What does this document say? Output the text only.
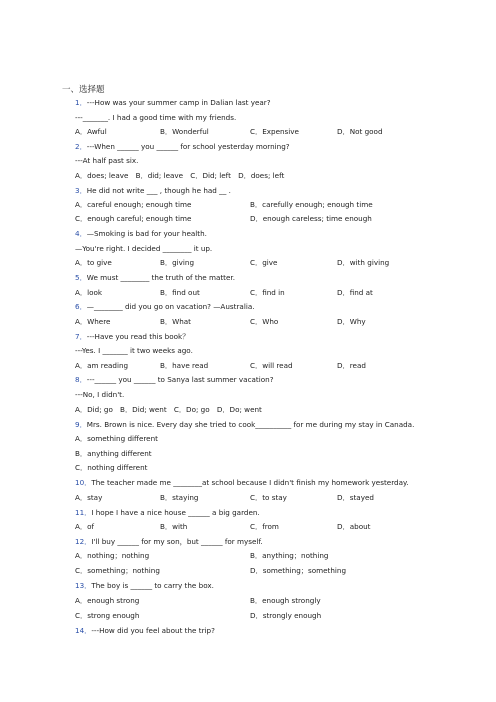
一、选择题
1．---How was your summer camp in Dalian last year?
---_______. I had a good time with my friends.
A．Awful	B．Wonderful	C．Expensive	D．Not good
2．---When ______ you ______ for school yesterday morning?
---At half past six.
A．does; leave　B．did; leave　C．Did; left　D．does; left
3．He did not write ___ , though he had __ .
A．careful enough; enough time	B．carefully enough; enough time
C．enough careful; enough time	D．enough careless; time enough
4．—Smoking is bad for your health.
—You're right. I decided ________ it up.
A．to give	B．giving	C．give	D．with giving
5．We must ________ the truth of the matter.
A．look	B．find out	C．find in	D．find at
6．—________ did you go on vacation? —Australia.
A．Where	B．What	C．Who	D．Why
7．---Have you read this book？
---Yes. I _______ it two weeks ago.
A．am reading	B．have read	C．will read	D．read
8．---______ you ______ to Sanya last summer vacation?
---No, I didn't.
A．Did; go　B．Did; went　C．Do; go　D．Do; went
9．Mrs. Brown is nice. Every day she tried to cook__________ for me during my stay in Canada.
A．something different
B．anything different
C．nothing different
10．The teacher made me ________at school because I didn't finish my homework yesterday.
A．stay	B．staying	C．to stay	D．stayed
11．I hope I have a nice house ______ a big garden.
A．of	B．with	C．from	D．about
12．I'll buy ______ for my son，but ______ for myself.
A．nothing；nothing	B．anything；nothing
C．something；nothing	D．something；something
13．The boy is ______ to carry the box.
A．enough strong	B．enough strongly
C．strong enough	D．strongly enough
14．---How did you feel about the trip?
